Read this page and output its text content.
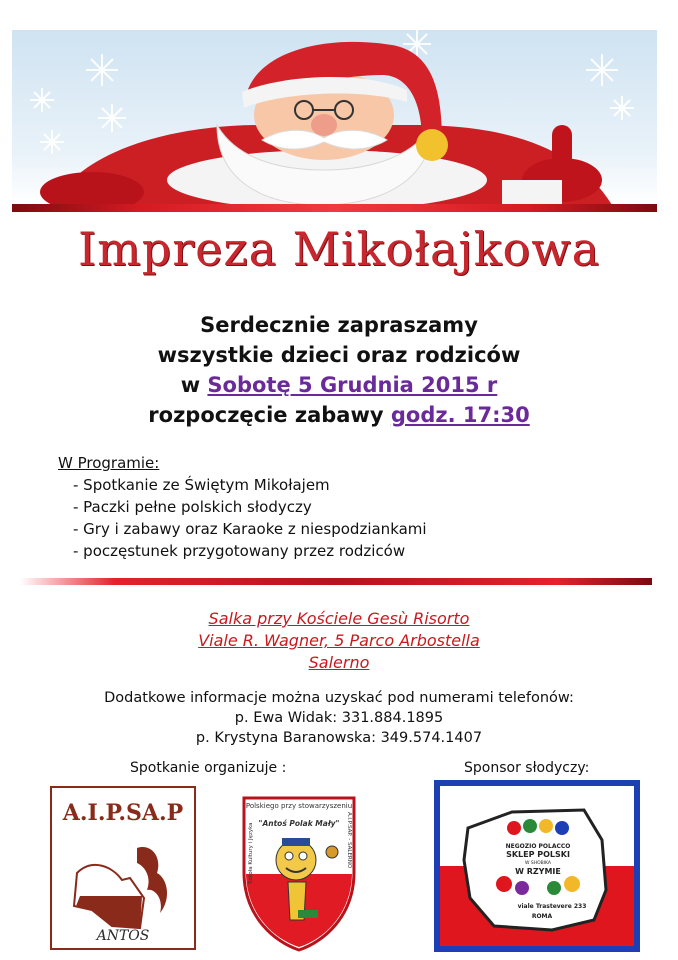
Impreza Mikołajkowa
Serdecznie zapraszamy
wszystkie dzieci oraz rodziców
w Sobotę 5 Grudnia 2015 r
rozpoczęcie zabawy godz. 17:30
W Programie:
- Spotkanie ze Świętym Mikołajem
- Paczki pełne polskich słodyczy
- Gry i zabawy oraz Karaoke z niespodziankami
- poczęstunek przygotowany przez rodziców
Salka przy Kościele Gesù Risorto
Viale R. Wagner, 5 Parco Arbostella
Salerno
Dodatkowe informacje można uzyskać pod numerami telefonów:
p. Ewa Widak: 331.884.1895
p. Krystyna Baranowska: 349.574.1407
Spotkanie organizuje :	Sponsor słodyczy:
A.I.P.SA.P
ANTOS
Polskiego przy stowarzyszeniu
"Antoś Polak Mały"
Szkoła Kultury i Języka	A.I.P.SAP. - SALERNO	NEGOZIO POLACCO
SKLEP POLSKI
W SHOBIKA
W RZYMIE
viale Trastevere 233
ROMA
